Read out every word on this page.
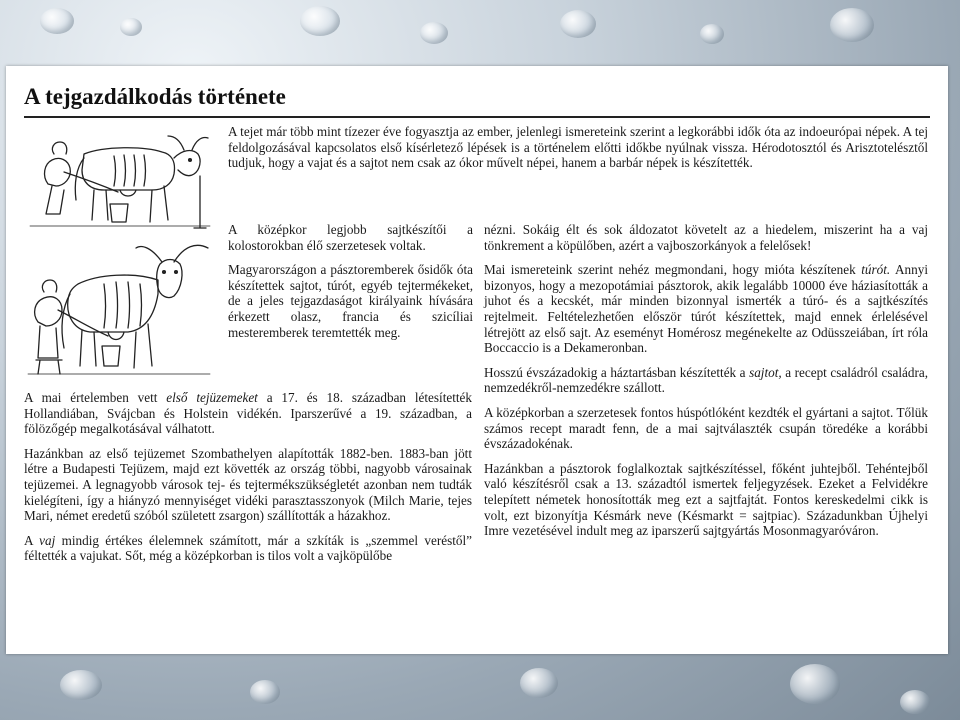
A tejgazdálkodás története

A tejet már több mint tízezer éve fogyasztja az ember, jelenlegi ismereteink szerint a legkorábbi idők óta az indoeurópai népek. A tej feldolgozásával kapcsolatos első kísérletező lépések is a történelem előtti időkbe nyúlnak vissza. Hérodotosztól és Arisztotelésztől tudjuk, hogy a vajat és a sajtot nem csak az ókor művelt népei, hanem a barbár népek is készítették.

A középkor legjobb sajtkészítői a kolostorokban élő szerzetesek voltak.

Magyarországon a pásztoremberek ősidők óta készítettek sajtot, túrót, egyéb tejtermékeket, de a jeles tejgazdaságot királyaink hívására érkezett olasz, francia és szicíliai mesteremberek teremtették meg.

A mai értelemben vett első tejüzemeket a 17. és 18. században létesítették Hollandiában, Svájcban és Holstein vidékén. Iparszerűvé a 19. században, a fölözőgép megalkotásával válhatott.

Hazánkban az első tejüzemet Szombathelyen alapították 1882-ben. 1883-ban jött létre a Budapesti Tejüzem, majd ezt követték az ország többi, nagyobb városainak tejüzemei. A legnagyobb városok tej- és tejtermékszükségletét azonban nem tudták kielégíteni, így a hiányzó mennyiséget vidéki parasztasszonyok (Milch Marie, tejes Mari, német eredetű szóból született zsargon) szállították a házakhoz.

A vaj mindig értékes élelemnek számított, már a szkíták is „szemmel veréstől” féltették a vajukat. Sőt, még a középkorban is tilos volt a vajköpülőbe

nézni. Sokáig élt és sok áldozatot követelt az a hiedelem, miszerint ha a vaj tönkrement a köpülőben, azért a vajboszorkányok a felelősek!

Mai ismereteink szerint nehéz megmondani, hogy mióta készítenek túrót. Annyi bizonyos, hogy a mezopotámiai pásztorok, akik legalább 10000 éve háziasították a juhot és a kecskét, már minden bizonnyal ismerték a túró- és a sajtkészítés rejtelmeit. Feltételezhetően először túrót készítettek, majd ennek érlelésével létrejött az első sajt. Az eseményt Homérosz megénekelte az Odüsszeiában, írt róla Boccaccio is a Dekameronban.

Hosszú évszázadokig a háztartásban készítették a sajtot, a recept családról családra, nemzedékről-nemzedékre szállott.

A középkorban a szerzetesek fontos húspótlóként kezdték el gyártani a sajtot. Tőlük számos recept maradt fenn, de a mai sajtválaszték csupán töredéke a korábbi évszázadokénak.

Hazánkban a pásztorok foglalkoztak sajtkészítéssel, főként juhtejből. Tehéntejből való készítésről csak a 13. századtól ismertek feljegyzések. Ezeket a Felvidékre telepített németek honosították meg ezt a sajtfajtát. Fontos kereskedelmi cikk is volt, ezt bizonyítja Késmárk neve (Késmarkt = sajtpiac). Századunkban Újhelyi Imre vezetésével indult meg az iparszerű sajtgyártás Mosonmagyaróváron.
